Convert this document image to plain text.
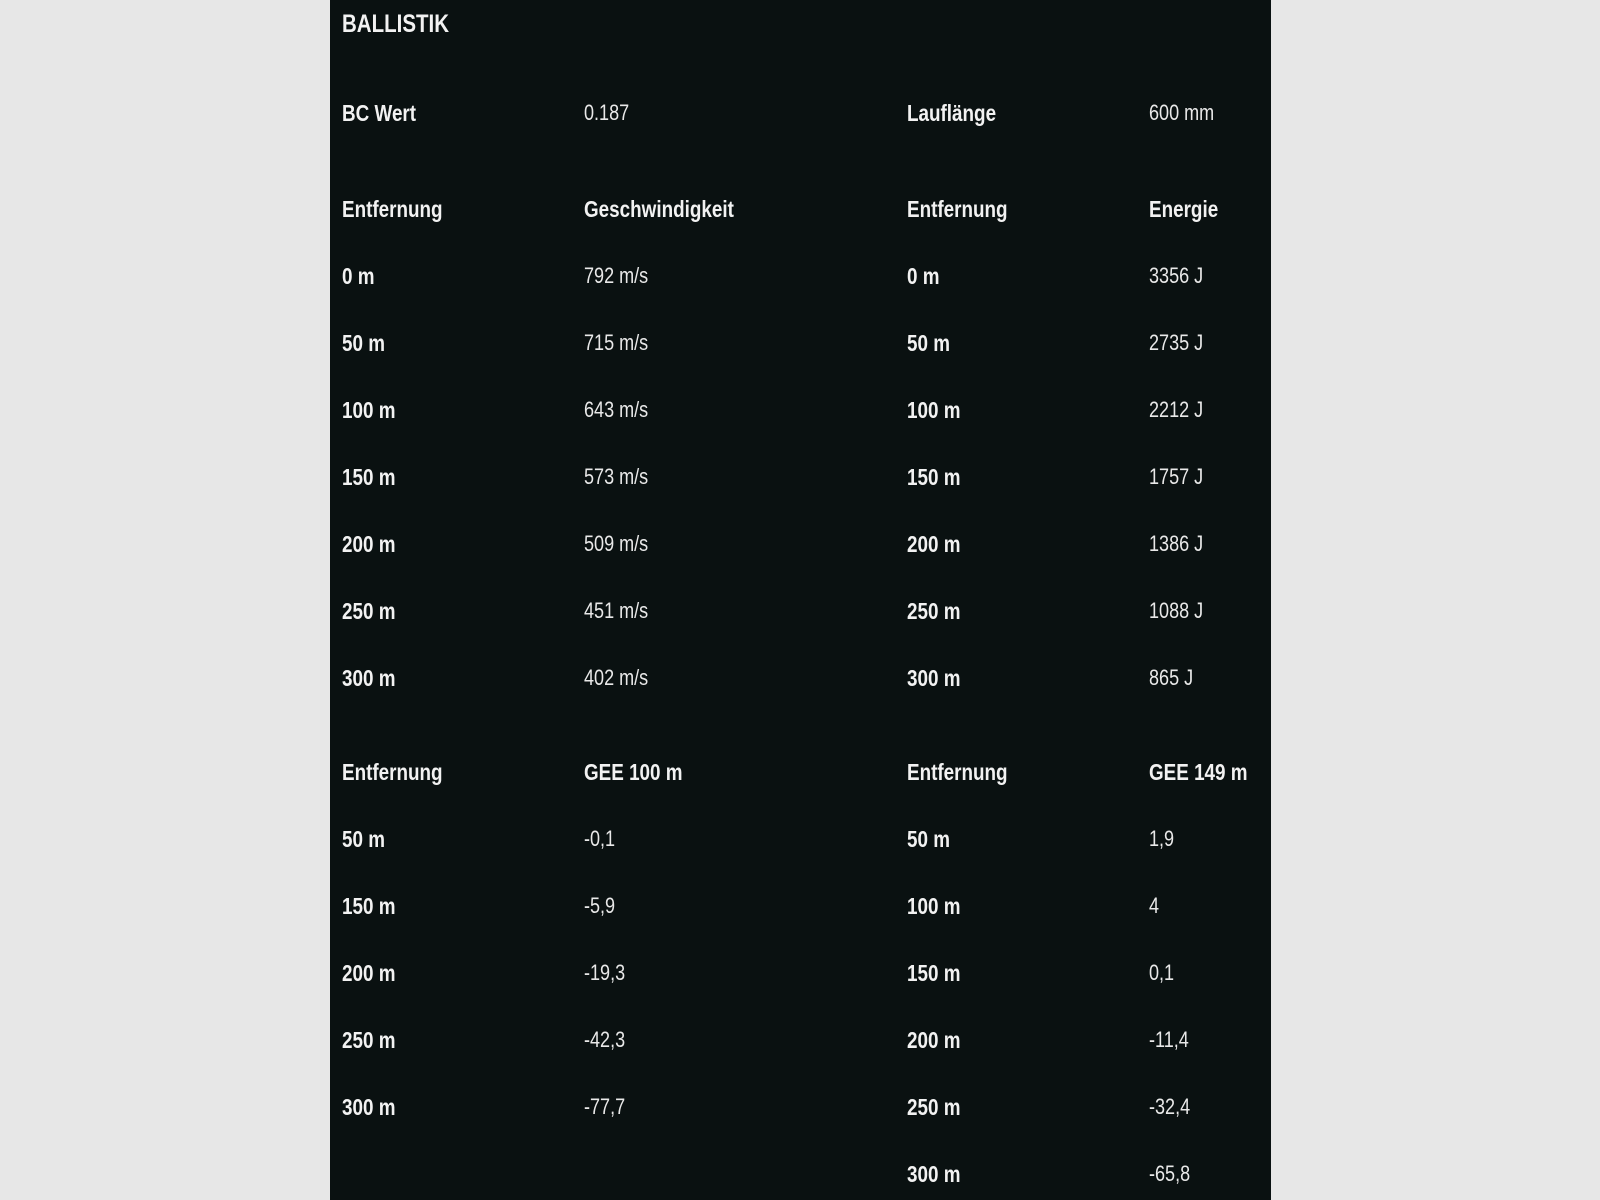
BALLISTIK
BC Wert	0.187	Lauflänge	600 mm
Entfernung	Geschwindigkeit
0 m	792 m/s
50 m	715 m/s
100 m	643 m/s
150 m	573 m/s
200 m	509 m/s
250 m	451 m/s
300 m	402 m/s
Entfernung	Energie
0 m	3356 J
50 m	2735 J
100 m	2212 J
150 m	1757 J
200 m	1386 J
250 m	1088 J
300 m	865 J
Entfernung	GEE 100 m
50 m	-0,1
150 m	-5,9
200 m	-19,3
250 m	-42,3
300 m	-77,7
Entfernung	GEE 149 m
50 m	1,9
100 m	4
150 m	0,1
200 m	-11,4
250 m	-32,4
300 m	-65,8
